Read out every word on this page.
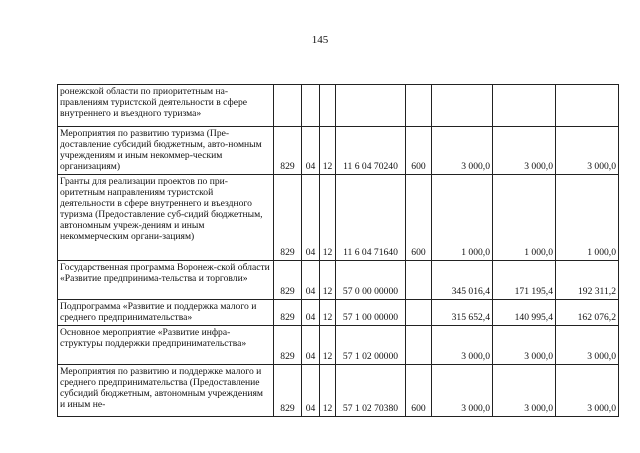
145
ронежской области по приоритетным на-правлениям туристской деятельности в сфере внутреннего и въездного туризма»								
Мероприятия по развитию туризма (Пре-доставление субсидий бюджетным, авто-номным учреждениям и иным некоммер-ческим организациям)	829	04	12	11 6 04 70240	600	3 000,0	3 000,0	3 000,0
Гранты для реализации проектов по при-оритетным направлениям туристской деятельности в сфере внутреннего и въездного туризма (Предоставление суб-сидий бюджетным, автономным учреж-дениям и иным некоммерческим органи-зациям)	829	04	12	11 6 04 71640	600	1 000,0	1 000,0	1 000,0
Государственная программа Воронеж-ской области «Развитие предпринима-тельства и торговли»	829	04	12	57 0 00 00000		345 016,4	171 195,4	192 311,2
Подпрограмма «Развитие и поддержка малого и среднего предпринимательства»	829	04	12	57 1 00 00000		315 652,4	140 995,4	162 076,2
Основное мероприятие «Развитие инфра-структуры поддержки предпринимательства»	829	04	12	57 1 02 00000		3 000,0	3 000,0	3 000,0
Мероприятия по развитию и поддержке малого и среднего предпринимательства (Предоставление субсидий бюджетным, автономным учреждениям и иным не-	829	04	12	57 1 02 70380	600	3 000,0	3 000,0	3 000,0
